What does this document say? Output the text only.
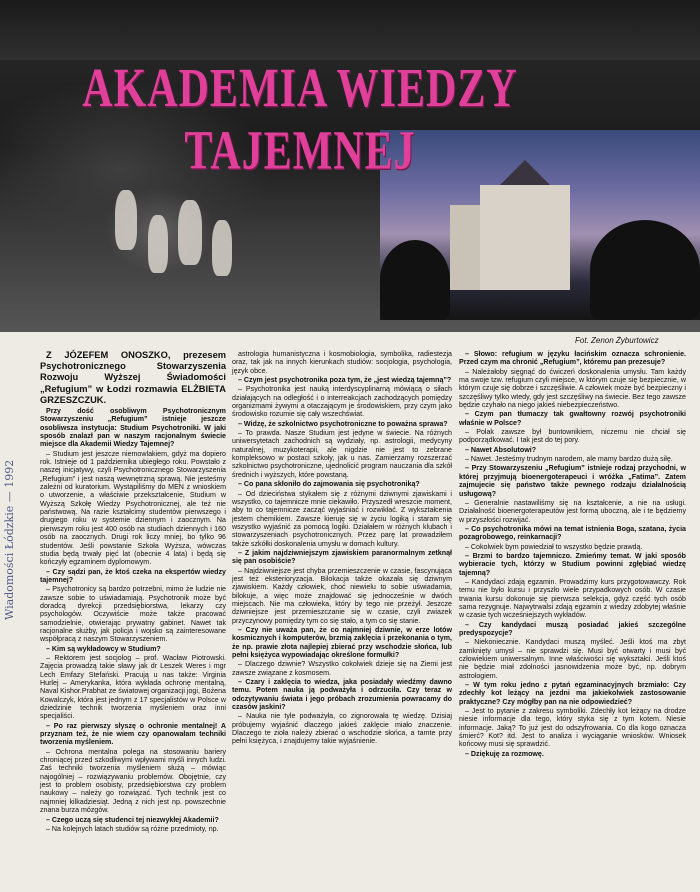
AKADEMIA WIEDZY TAJEMNEJ

Fot. Zenon Żyburtowicz

Wiadomości Łódzkie — 1992

Z JÓZEFEM ONOSZKO, prezesem Psychotronicznego Stowarzyszenia Rozwoju Wyższej Świadomości „Refugium” w Łodzi rozmawia ELŻBIETA GRZESZCZUK.

Przy dość osobliwym Psychotronicznym Stowarzyszeniu „Refugium” istnieje jeszcze osobliwsza instytucja: Studium Psychotroniki. W jaki sposób znalazł pan w naszym racjonalnym świecie miejsce dla Akademii Wiedzy Tajemnej?

– Studium jest jeszcze niemowlakiem, gdyż ma dopiero rok. Istnieje od 1 października ubiegłego roku. Powstało z naszej inicjatywy, czyli Psychotronicznego Stowarzyszenia „Refugium” i jest naszą wewnętrzną sprawą. Nie jesteśmy zależni od kuratorium. Wystąpiliśmy do MEN z wnioskiem o utworzenie, a właściwie przekształcenie, Studium w Wyższą Szkołę Wiedzy Psychotronicznej, ale też nie państwową. Na razie kształcimy studentów pierwszego i drugiego roku w systemie dziennym i zaocznym. Na pierwszym roku jest 400 osób na studiach dziennych i 160 osób na zaocznych. Drugi rok liczy mniej, bo tylko 96 studentów. Jeśli powstanie Szkoła Wyższa, wówczas studia będą trwały pięć lat (obecnie 4 lata) i będą się kończyły egzaminem dyplomowym.

– Czy sądzi pan, że ktoś czeka na ekspertów wiedzy tajemnej?

– Psychotronicy są bardzo potrzebni, mimo że ludzie nie zawsze sobie to uświadamiają. Psychotronik może być doradcą dyrekcji przedsiębiorstwa, lekarzy czy psychologów. Oczywiście może także pracować samodzielnie, otwierając prywatny gabinet. Nawet tak racjonalne służby, jak policja i wojsko są zainteresowane współpracą z naszym Stowarzyszeniem.

– Kim są wykładowcy w Studium?

– Rektorem jest socjolog – prof. Wacław Piotrowski. Zajęcia prowadzą takie sławy jak dr Leszek Weres i mgr Lech Emfazy Stefański. Pracują u nas także: Virginia Hurlej – Amerykanka, która wykłada ochronę mentalną, Naval Kishor.Prabhat ze światowej organizacji jogi, Bożena Kowalczyk, która jest jednym z 17 specjalistów w Polsce w dziedzinie technik tworzenia myśleniem oraz inni specjaliści.

– Po raz pierwszy słyszę o ochronie mentalnej! A przyznam też, że nie wiem czy opanowałam techniki tworzenia myśleniem.

– Ochrona mentalna polega na stosowaniu bariery chroniącej przed szkodliwymi wpływami myśli innych ludzi. Zaś techniki tworzenia myśleniem służą – mówiąc najogólniej – rozwiązywaniu problemów. Obojętnie, czy jest to problem osobisty, przedsiębiorstwa czy problem naukowy – należy go rozwiązać. Tych technik jest co najmniej kilkadziesiąt. Jedną z nich jest np. powszechnie znana burza mózgów.

– Czego uczą się studenci tej niezwykłej Akademii?

– Na kolejnych latach studiów są różne przedmioty, np.

astrologia humanistyczna i kosmobiologia, symbolika, radiestezja oraz, tak jak na innych kierunkach studiów: socjologia, psychologia, język obce.

– Czym jest psychotronika poza tym, że „jest wiedzą tajemną”?

– Psychotronika jest nauką interdyscyplinarną mówiącą o siłach działających na odległość i o interreakcjach zachodzących pomiędzy organizmami żywymi a otaczającym je środowiskiem, przy czym jako środowisko rozumie się cały wszechświat.

– Widzę, że szkolnictwo psychotroniczne to poważna sprawa?

– To prawda. Nasze Studium jest jedyne w świecie. Na różnych uniwersytetach zachodnich są wydziały, np. astrologii, medycyny naturalnej, muzykoterapii, ale nigdzie nie jest to zebrane kompleksowo w postaci szkoły, jak u nas. Zamierzamy rozszerzać szkolnictwo psychotroniczne, ujednolicić program nauczania dla szkół średnich i wyższych, które powstaną.

– Co pana skłoniło do zajmowania się psychotroniką?

– Od dzieciństwa stykałem się z różnymi dziwnymi zjawiskami i wszystko, co tajemnicze mnie ciekawiło. Przyszedł wreszcie moment, aby to co tajemnicze zacząć wyjaśniać i rozwikłać. Z wykształcenia jestem chemikiem. Zawsze kieruję się w życiu logiką i staram się wszystko wyjaśnić za pomocą logiki. Działałem w różnych klubach i stowarzyszeniach psychotronicznych. Przez parę lat prowadziłem także szkółki doskonalenia umysłu w domach kultury.

– Z jakim najdziwniejszym zjawiskiem paranormalnym zetknął się pan osobiście?

– Najdziwniejsze jest chyba przemieszczenie w czasie, fascynująca jest też eksterioryzacja. Bilokacja także okazała się dziwnym zjawiskiem. Każdy człowiek, choć niewielu to sobie uświadamia, bilokuje, a więc może znajdować się jednocześnie w dwóch miejscach. Nie ma człowieka, który by tego nie przeżył. Jeszcze dziwniejsze jest przemieszczanie się w czasie, czyli zwiazek przyczynowy pomiędzy tym co się stało, a tym co się stanie.

– Czy nie uważa pan, że co najmniej dziwnie, w erze lotów kosmicznych i komputerów, brzmią zaklęcia i przekonania o tym, że np. prawie złota najlepiej zbierać przy wschodzie słońca, lub pełni księżyca wypowiadając określone formułki?

– Dlaczego dziwnie? Wszystko cokolwiek dzieje się na Ziemi jest zawsze związane z kosmosem.

– Czary i zaklęcia to wiedza, jaka posiadały wiedźmy dawno temu. Potem nauka ją podważyła i odrzuciła. Czy teraz w odczytywaniu świata i jego próbach zrozumienia powracamy do czasów jaskini?

– Nauka nie tyle podważyła, co zignorowała tę wiedzę. Dzisiaj próbujemy wyjaśnić dlaczego jakieś zaklęcie miało znaczenie. Dlaczego te zioła należy zbierać o wschodzie słońca, a tamte przy pełni księżyca, i znajdujemy takie wyjaśnienie.

– Słowo: refugium w języku łacińskim oznacza schronienie. Przed czym ma chronić „Refugium”, któremu pan prezesuje?

– Należałoby sięgnąć do ćwiczeń doskonalenia umysłu. Tam każdy ma swoje tzw. refugium czyli miejsce, w którym czuje się bezpiecznie, w którym czuje się dobrze i szczęśliwie. A człowiek może być bezpieczny i szczęśliwy tylko wtedy, gdy jest szczęśliwy na świecie. Bez tego zawsze będzie czyhało na niego jakieś niebezpieczeństwo.

– Czym pan tłumaczy tak gwałtowny rozwój psychotroniki właśnie w Polsce?

– Polak zawsze był buntownikiem, niczemu nie chciał się podporządkować. I tak jest do tej pory.

– Nawet Absolutowi?

– Nawet. Jesteśmy trudnym narodem, ale mamy bardzo dużą siłę.

– Przy Stowarzyszeniu „Refugium” istnieje rodzaj przychodni, w której przyjmują bioenergoterapeuci i wróżka „Fatima”. Zatem zajmujecie się państwo także pewnego rodzaju działalnością usługową?

– Generalnie nastawiliśmy się na kształcenie, a nie na usługi. Działalność bioenergoterapeutów jest formą uboczną, ale i te będziemy w przyszłości rozwijać.

– Co psychotronika mówi na temat istnienia Boga, szatana, życia pozagrobowego, reinkarnacji?

– Cokolwiek bym powiedział to wszystko będzie prawdą.

– Brzmi to bardzo tajemniczo. Zmieńmy temat. W jaki sposób wybieracie tych, którzy w Studium powinni zgłębiać wiedzę tajemną?

– Kandydaci zdają egzamin. Prowadzimy kurs przygotowawczy. Rok temu nie było kursu i przyszło wiele przypadkowych osób. W czasie trwania kursu dokonuje się pierwsza selekcja, gdyż część tych osób sama rezygnuje. Najwytrwalsi zdają egzamin z wiedzy zdobytej właśnie w czasie tych wcześniejszych wykładów.

– Czy kandydaci muszą posiadać jakieś szczególne predyspozycje?

– Niekoniecznie. Kandydaci muszą myśleć. Jeśli ktoś ma zbyt zamknięty umysł – nie sprawdzi się. Musi być otwarty i musi być człowiekiem uniwersalnym. Inne właściwości się wykształci. Jeśli ktoś nie będzie miał zdolności jasnowidzenia może być, np. dobrym astrologiem.

– W tym roku jedno z pytań egzaminacyjnych brzmiało: Czy zdechły kot leżący na jezdni ma jakiekolwiek zastosowanie praktyczne? Czy mógłby pan na nie odpowiedzieć?

– Jest to pytanie z zakresu symboliki. Zdechły kot leżący na drodze niesie informacje dla tego, który styka się z tym kotem. Niesie informacje. Jaką? To już jest do odszyfrowania. Co dla kogo oznacza śmierć? Kot? itd. Jest to analiza i wyciąganie wniosków. Wniosek końcowy musi się sprawdzić.

– Dziękuję za rozmowę.
